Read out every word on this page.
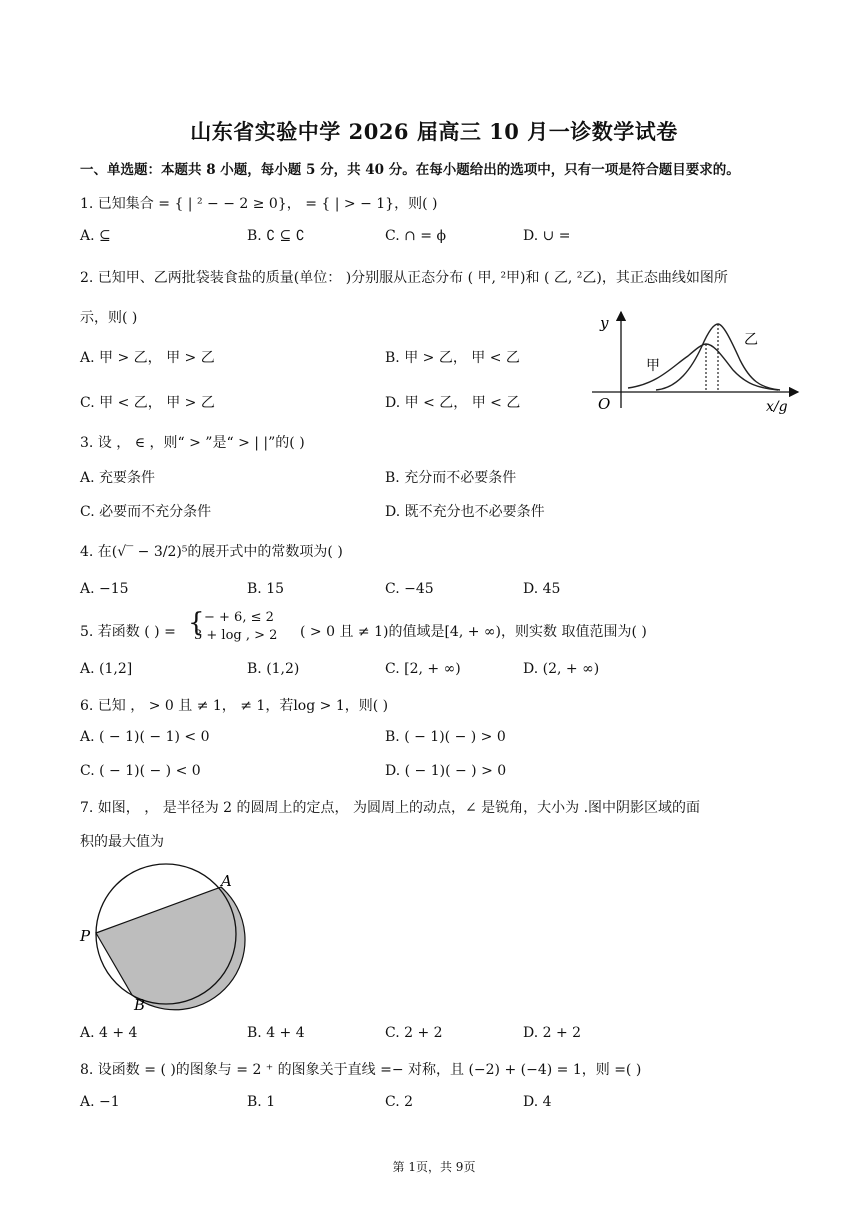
山东省实验中学 2026 届高三 10 月一诊数学试卷
一、单选题：本题共 8 小题，每小题 5 分，共 40 分。在每小题给出的选项中，只有一项是符合题目要求的。
1. 已知集合 = { | ² − − 2 ≥ 0}， = { | > − 1}，则( )
A. ⊆	B. ∁ ⊆ ∁	C. ∩ = ϕ	D. ∪ =
2. 已知甲、乙两批袋装食盐的质量(单位： )分别服从正态分布 ( 甲, ²甲)和 ( 乙, ²乙)，其正态曲线如图所
示，则( )
A. 甲 > 乙， 甲 > 乙	B. 甲 > 乙， 甲 < 乙
C. 甲 < 乙， 甲 > 乙	D. 甲 < 乙， 甲 < 乙
y
O	x/g
甲
乙
3. 设 ， ∈ ，则“ > ”是“ > | |”的( )
A. 充要条件	B. 充分而不必要条件
C. 必要而不充分条件	D. 既不充分也不必要条件
4. 在(√‾ − 3/2)⁵的展开式中的常数项为( )
A. −15	B. 15	C. −45	D. 45
5. 若函数 ( ) = { − + 6, ≤ 2
3 + log , > 2 ( > 0 且 ≠ 1)的值域是[4, + ∞)，则实数 取值范围为( )
A. (1,2]	B. (1,2)	C. [2, + ∞)	D. (2, + ∞)
6. 已知 ， > 0 且 ≠ 1， ≠ 1，若log > 1，则( )
A. ( − 1)( − 1) < 0	B. ( − 1)( − ) > 0
C. ( − 1)( − ) < 0	D. ( − 1)( − ) > 0
7. 如图， ， 是半径为 2 的圆周上的定点， 为圆周上的动点，∠ 是锐角，大小为 .图中阴影区域的面
积的最大值为
A
P
B
A. 4 + 4	B. 4 + 4	C. 2 + 2	D. 2 + 2
8. 设函数 = ( )的图象与 = 2 ⁺ 的图象关于直线 =− 对称，且 (−2) + (−4) = 1，则 =( )
A. −1	B. 1	C. 2	D. 4
第 1页，共 9页
